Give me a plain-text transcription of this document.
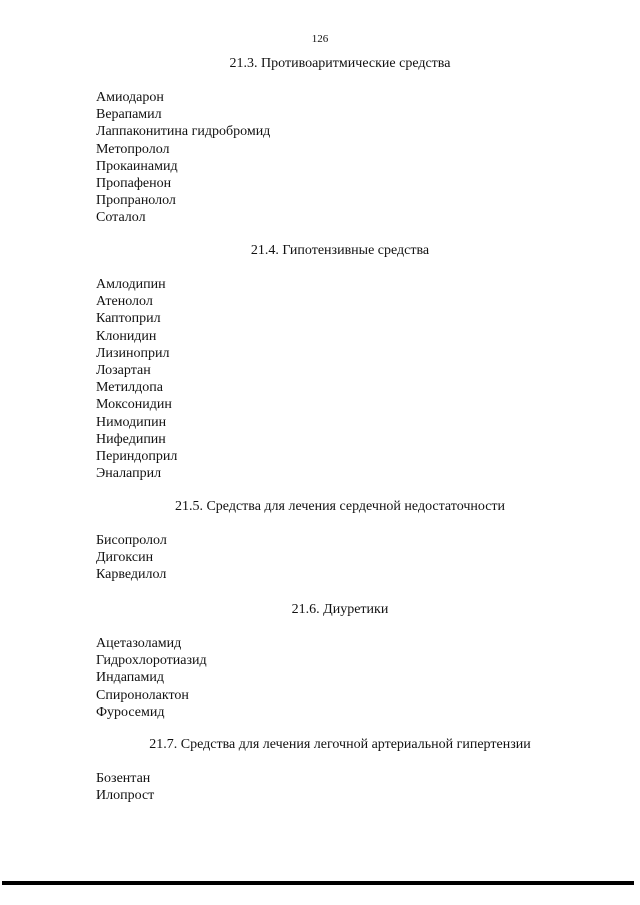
126
21.3. Противоаритмические средства
Амиодарон
Верапамил
Лаппаконитина гидробромид
Метопролол
Прокаинамид
Пропафенон
Пропранолол
Соталол
21.4. Гипотензивные средства
Амлодипин
Атенолол
Каптоприл
Клонидин
Лизиноприл
Лозартан
Метилдопа
Моксонидин
Нимодипин
Нифедипин
Периндоприл
Эналаприл
21.5. Средства для лечения сердечной недостаточности
Бисопролол
Дигоксин
Карведилол
21.6. Диуретики
Ацетазоламид
Гидрохлоротиазид
Индапамид
Спиронолактон
Фуросемид
21.7. Средства для лечения легочной артериальной гипертензии
Бозентан
Илопрост
